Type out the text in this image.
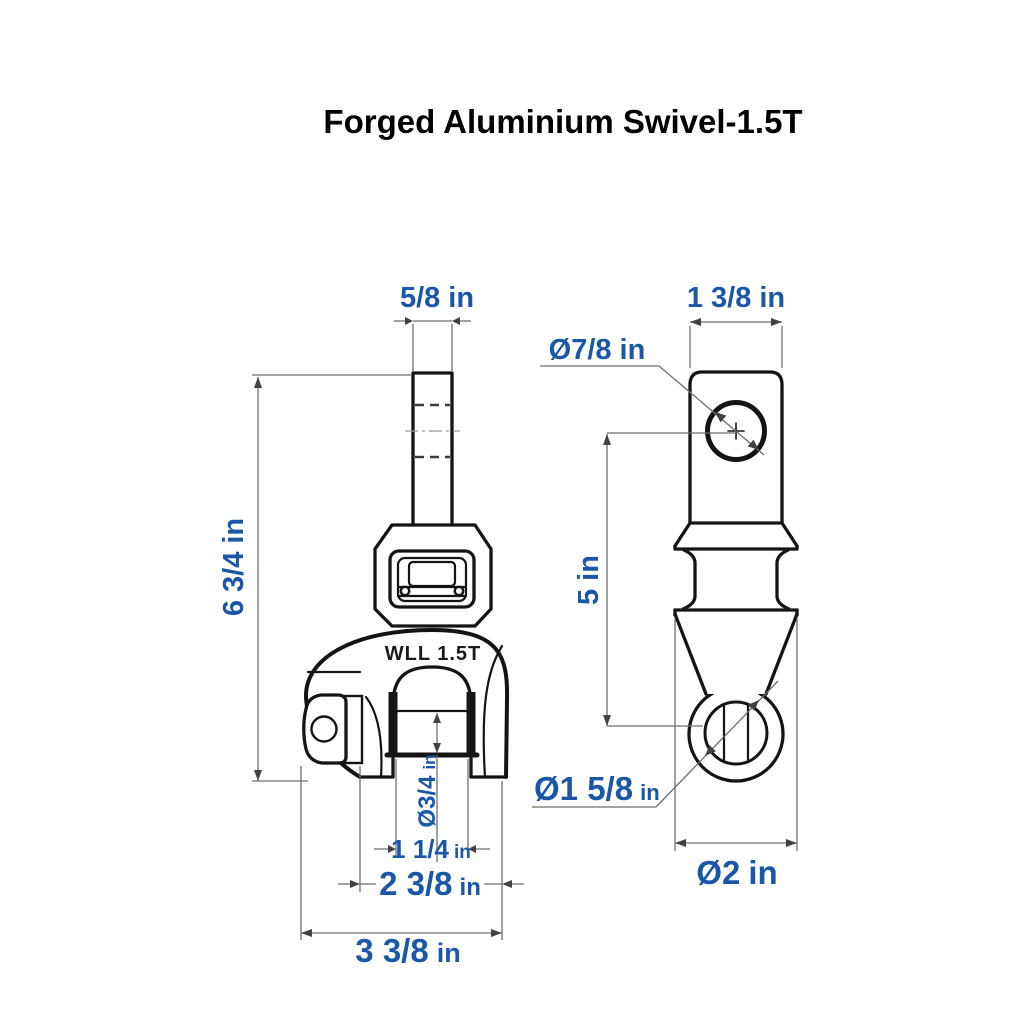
Forged Aluminium Swivel-1.5T
WLL 1.5T
5/8 in
6 3/4in
Ø3/4in
1 1/4 in
2 3/8 in
3 3/8 in
1 3/8 in
Ø7/8 in
5in
Ø1 5/8 in
Ø2 in
